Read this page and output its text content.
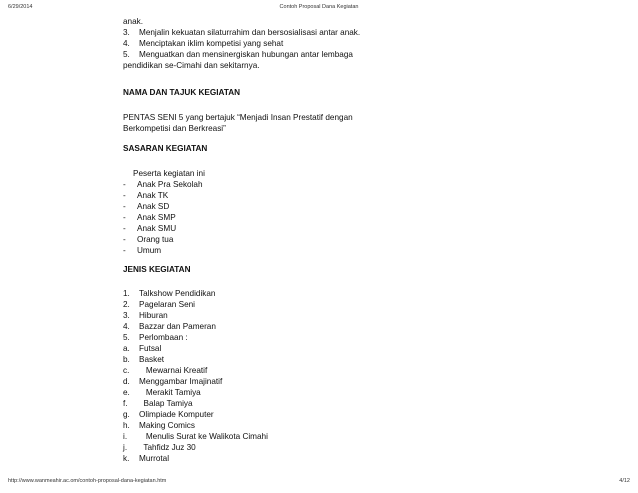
6/29/2014	Contoh Proposal Dana Kegiatan
anak.
3. Menjalin kekuatan silaturrahim dan bersosialisasi antar anak.
4. Menciptakan iklim kompetisi yang sehat
5. Menguatkan dan mensinergiskan hubungan antar lembaga
pendidikan se-Cimahi dan sekitarnya.
NAMA DAN TAJUK KEGIATAN
PENTAS SENI 5 yang bertajuk “Menjadi Insan Prestatif dengan
Berkompetisi dan Berkreasi”
SASARAN KEGIATAN
Peserta kegiatan ini
- Anak Pra Sekolah
- Anak TK
- Anak SD
- Anak SMP
- Anak SMU
- Orang tua
- Umum
JENIS KEGIATAN
1. Talkshow Pendidikan
2. Pagelaran Seni
3. Hiburan
4. Bazzar dan Pameran
5. Perlombaan :
a. Futsal
b. Basket
c.   Mewarnai Kreatif
d. Menggambar Imajinatif
e.   Merakit Tamiya
f.  Balap Tamiya
g. Olimpiade Komputer
h. Making Comics
i.   Menulis Surat ke Walikota Cimahi
j.  Tahfidz Juz 30
k. Murrotal
http://www.wanmeahir.ac.om/contoh-proposal-dana-kegiatan.htm	4/12
